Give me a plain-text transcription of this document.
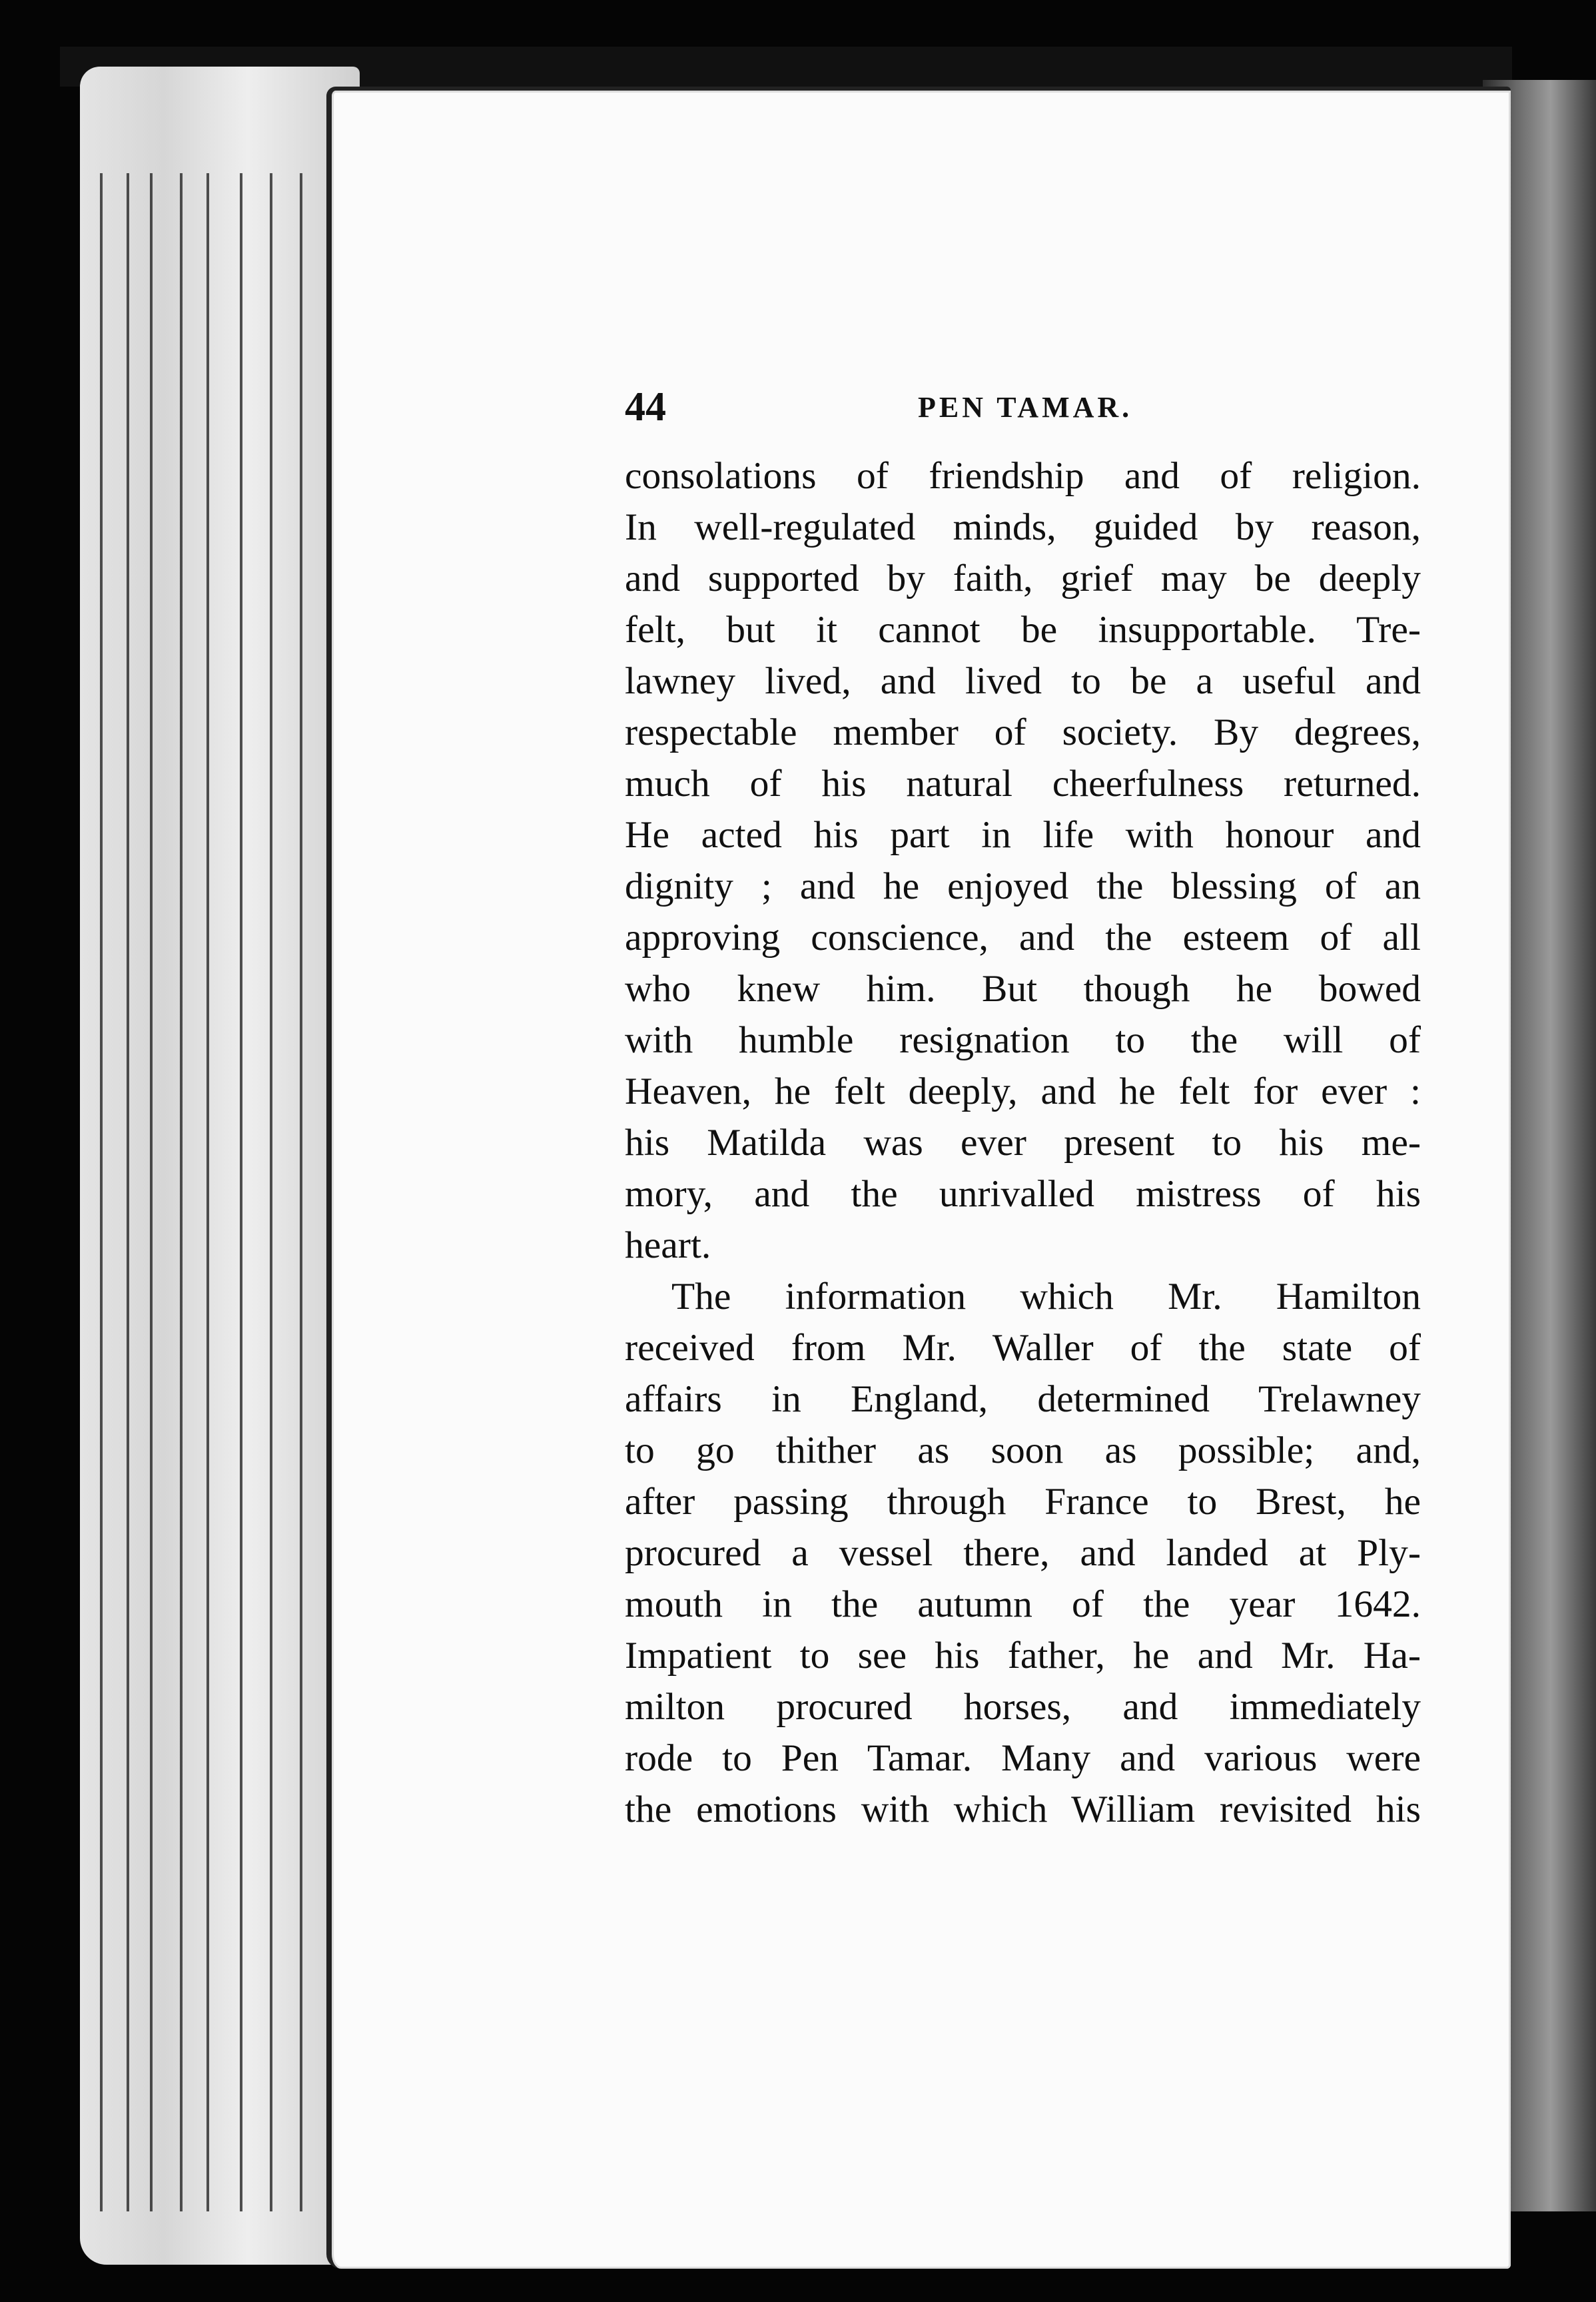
44	PEN TAMAR.
consolations of friendship and of religion.
In well-regulated minds, guided by reason,
and supported by faith, grief may be deeply
felt, but it cannot be insupportable. Tre-
lawney lived, and lived to be a useful and
respectable member of society. By degrees,
much of his natural cheerfulness returned.
He acted his part in life with honour and
dignity ; and he enjoyed the blessing of an
approving conscience, and the esteem of all
who knew him. But though he bowed
with humble resignation to the will of
Heaven, he felt deeply, and he felt for ever :
his Matilda was ever present to his me-
mory, and the unrivalled mistress of his
heart.
The information which Mr. Hamilton
received from Mr. Waller of the state of
affairs in England, determined Trelawney
to go thither as soon as possible; and,
after passing through France to Brest, he
procured a vessel there, and landed at Ply-
mouth in the autumn of the year 1642.
Impatient to see his father, he and Mr. Ha-
milton procured horses, and immediately
rode to Pen Tamar. Many and various were
the emotions with which William revisited his
